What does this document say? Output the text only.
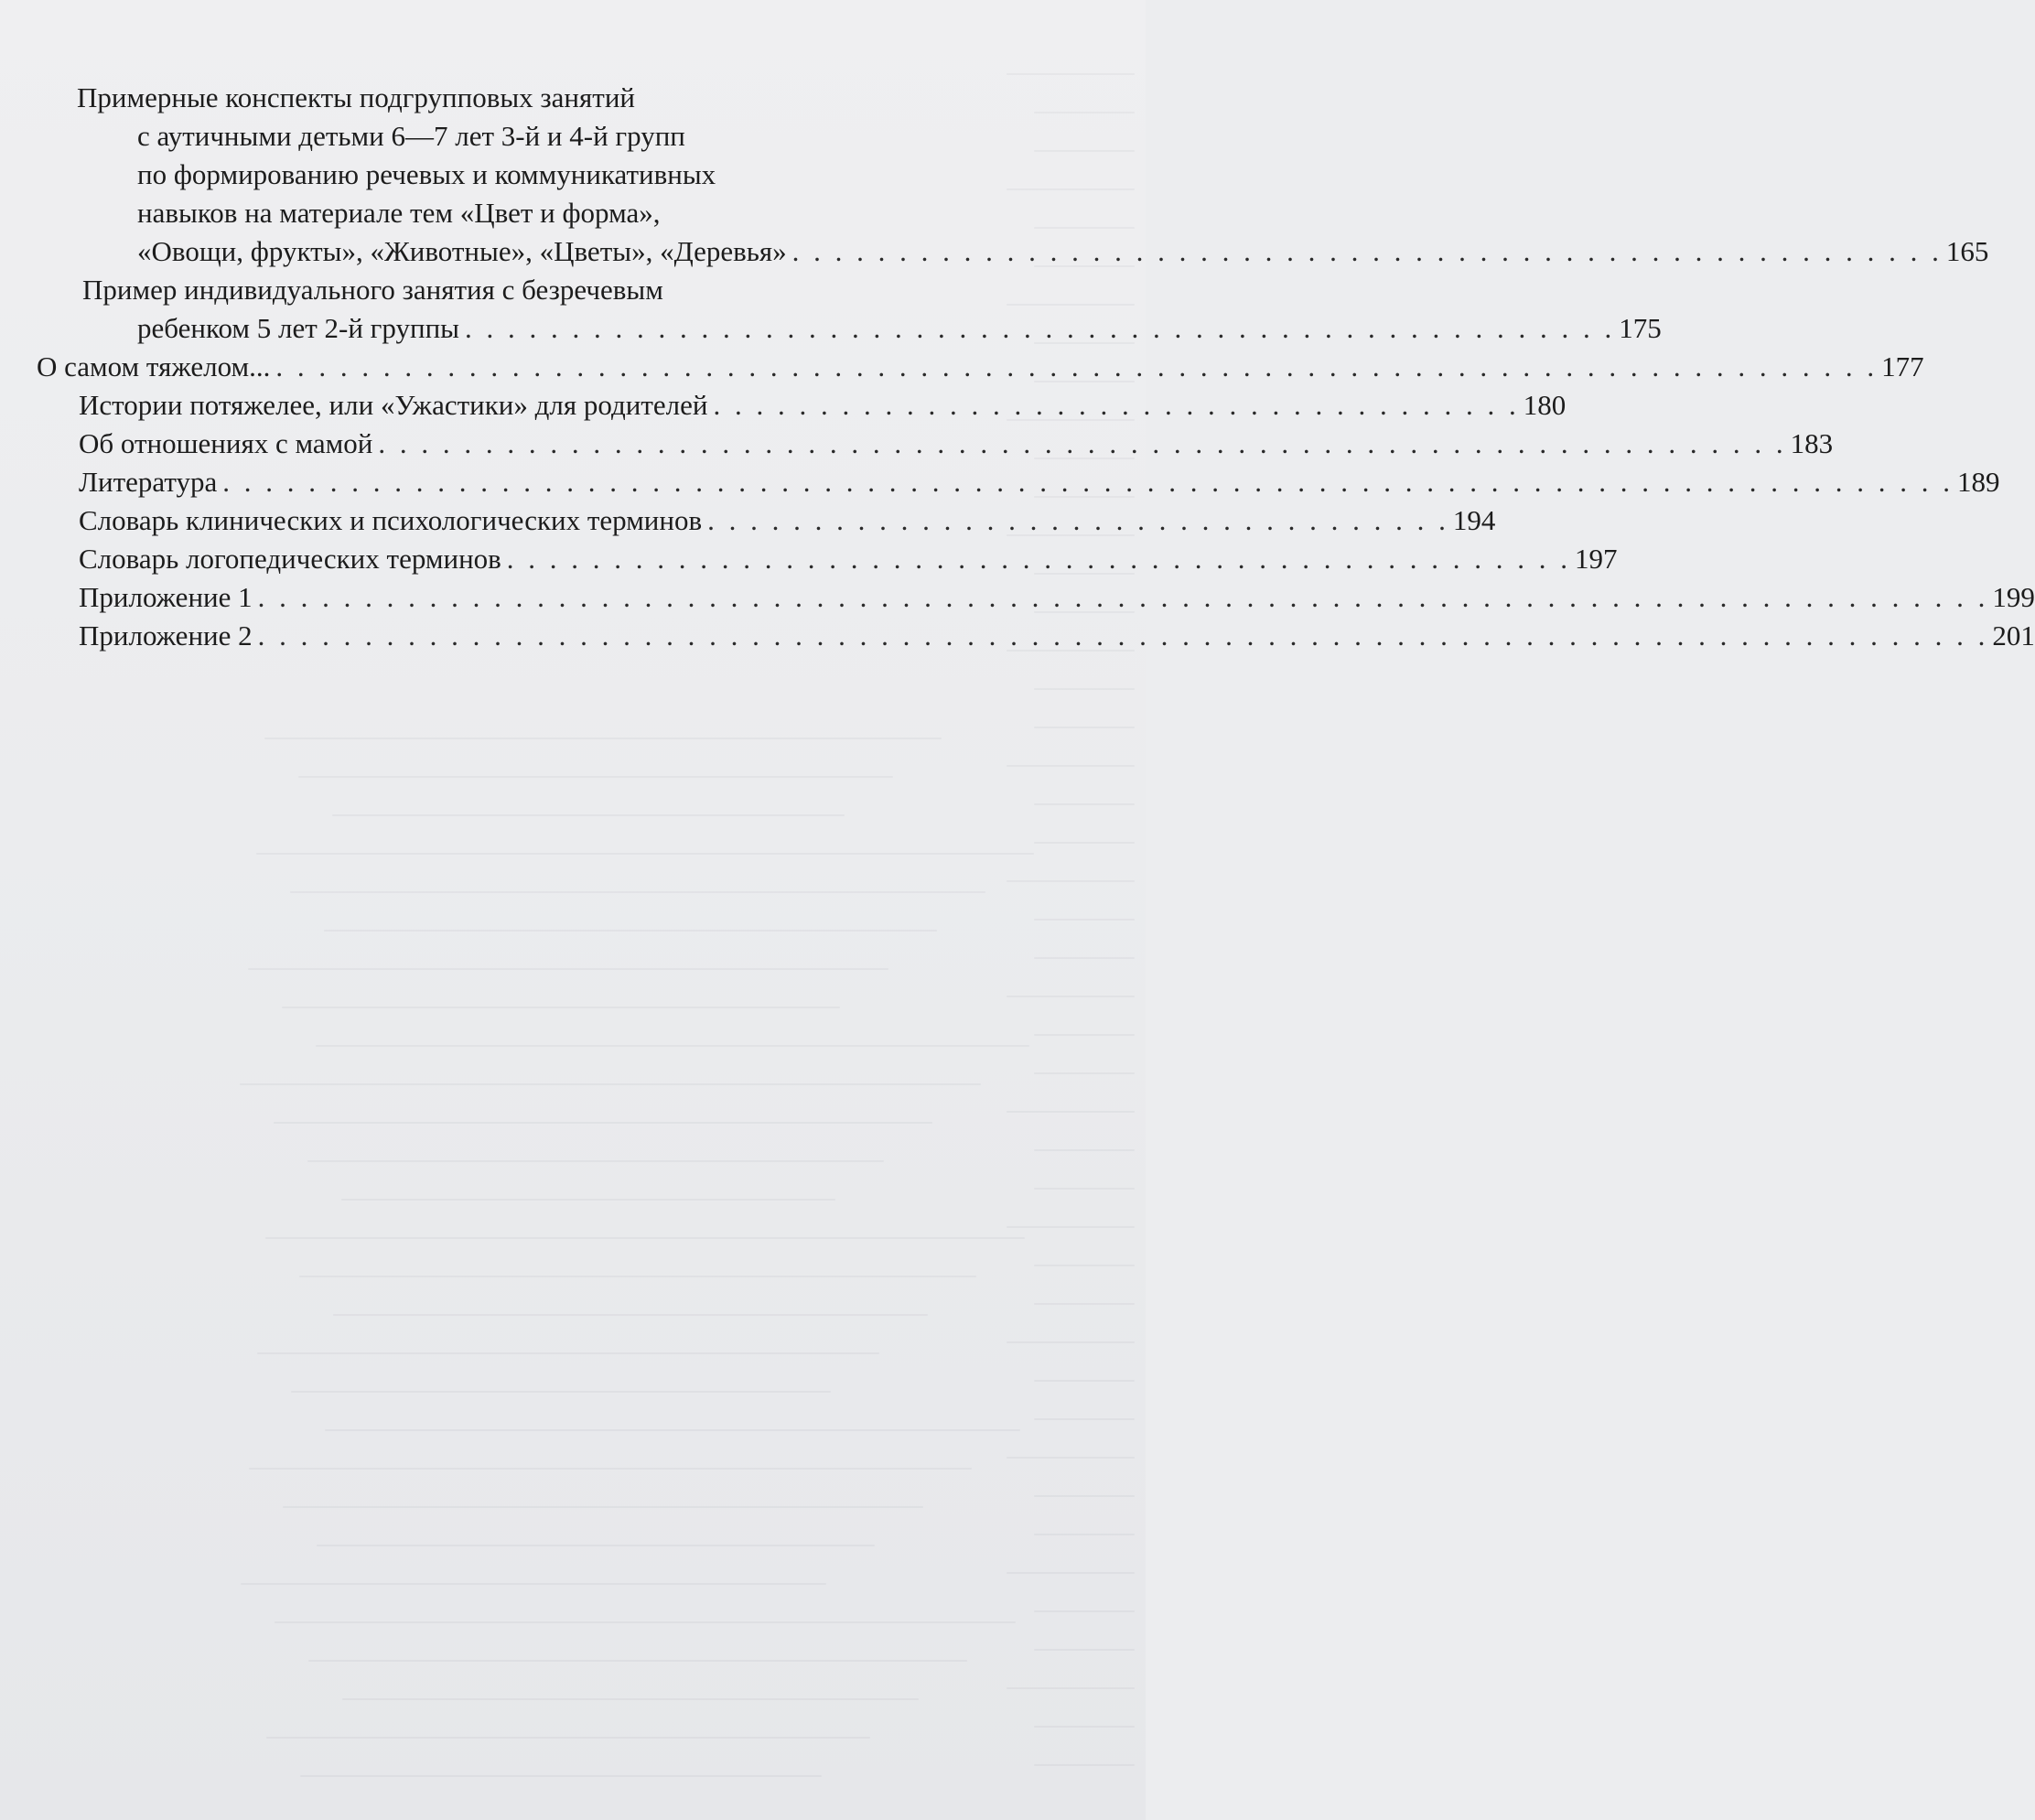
Примерные конспекты подгрупповых занятий
с аутичными детьми 6—7 лет 3-й и 4-й групп
по формированию речевых и коммуникативных
навыков на материале тем «Цвет и форма»,
«Овощи, фрукты», «Животные», «Цветы», «Деревья» . . . . . . . . . . . . . . . . . . . . . . . . . . . . . . . . . . . . . . . . . . . . . . . . . . . . . . 165
Пример индивидуального занятия с безречевым
ребенком 5 лет 2-й группы . . . . . . . . . . . . . . . . . . . . . . . . . . . . . . . . . . . . . . . . . . . . . . . . . . . . . . 175
О самом тяжелом... . . . . . . . . . . . . . . . . . . . . . . . . . . . . . . . . . . . . . . . . . . . . . . . . . . . . . . . . . . . . . . . . . . . . . . . . . . . 177
Истории потяжелее, или «Ужастики» для родителей . . . . . . . . . . . . . . . . . . . . . . . . . . . . . . . . . . . . . . 180
Об отношениях с мамой . . . . . . . . . . . . . . . . . . . . . . . . . . . . . . . . . . . . . . . . . . . . . . . . . . . . . . . . . . . . . . . . . . 183
Литература . . . . . . . . . . . . . . . . . . . . . . . . . . . . . . . . . . . . . . . . . . . . . . . . . . . . . . . . . . . . . . . . . . . . . . . . . . . . . . . . . 189
Словарь клинических и психологических терминов . . . . . . . . . . . . . . . . . . . . . . . . . . . . . . . . . . . 194
Словарь логопедических терминов . . . . . . . . . . . . . . . . . . . . . . . . . . . . . . . . . . . . . . . . . . . . . . . . . . 197
Приложение 1 . . . . . . . . . . . . . . . . . . . . . . . . . . . . . . . . . . . . . . . . . . . . . . . . . . . . . . . . . . . . . . . . . . . . . . . . . . . . . . . . . 199
Приложение 2 . . . . . . . . . . . . . . . . . . . . . . . . . . . . . . . . . . . . . . . . . . . . . . . . . . . . . . . . . . . . . . . . . . . . . . . . . . . . . . . . . 201
